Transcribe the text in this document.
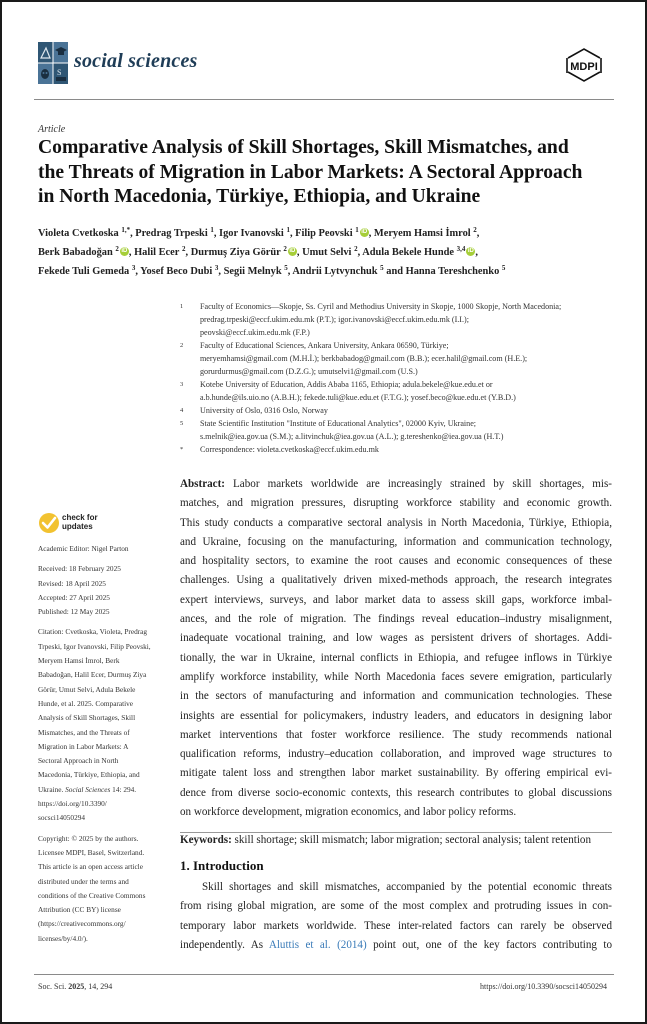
S
social sciences	MDPI
Article
Comparative Analysis of Skill Shortages, Skill Mismatches, and
the Threats of Migration in Labor Markets: A Sectoral Approach
in North Macedonia, Türkiye, Ethiopia, and Ukraine
Violeta Cvetkoska $^{1,*}$, Predrag Trpeski $^1$, Igor Ivanovski $^1$, Filip Peovski $^1$ iD , Meryem Hamsi İmrol $^2$,
Berk Babadoğan $^2$ iD , Halil Ecer $^2$, Durmuş Ziya Görür $^2$ iD , Umut Selvi $^2$, Adula Bekele Hunde $^{3,4}$ iD ,
Fekede Tuli Gemeda $^3$, Yosef Beco Dubi $^3$, Segii Melnyk $^5$, Andrii Lytvynchuk $^5$ and Hanna Tereshchenko $^5$
1 Faculty of Economics—Skopje, Ss. Cyril and Methodius University in Skopje, 1000 Skopje, North Macedonia;
predrag.trpeski@eccf.ukim.edu.mk (P.T.); igor.ivanovski@eccf.ukim.edu.mk (I.I.);
peovski@eccf.ukim.edu.mk (F.P.)
2 Faculty of Educational Sciences, Ankara University, Ankara 06590, Türkiye;
meryemhamsi@gmail.com (M.H.İ.); berkbabadog@gmail.com (B.B.); ecer.halil@gmail.com (H.E.);
gorurdurmus@gmail.com (D.Z.G.); umutselvi1@gmail.com (U.S.)
3 Kotebe University of Education, Addis Ababa 1165, Ethiopia; adula.bekele@kue.edu.et or
a.b.hunde@ils.uio.no (A.B.H.); fekede.tuli@kue.edu.et (F.T.G.); yosef.beco@kue.edu.et (Y.B.D.)
4 University of Oslo, 0316 Oslo, Norway
5 State Scientific Institution "Institute of Educational Analytics", 02000 Kyiv, Ukraine;
s.melnik@iea.gov.ua (S.M.); a.litvinchuk@iea.gov.ua (A.L.); g.tereshenko@iea.gov.ua (H.T.)
* Correspondence: violeta.cvetkoska@eccf.ukim.edu.mk
check for
updates
Academic Editor: Nigel Parton
Received: 18 February 2025
Revised: 18 April 2025
Accepted: 27 April 2025
Published: 12 May 2025
Citation: Cvetkoska, Violeta, Predrag
Trpeski, Igor Ivanovski, Filip Peovski,
Meryem Hamsi İmrol, Berk
Babadoğan, Halil Ecer, Durmuş Ziya
Görür, Umut Selvi, Adula Bekele
Hunde, et al. 2025. Comparative
Analysis of Skill Shortages, Skill
Mismatches, and the Threats of
Migration in Labor Markets: A
Sectoral Approach in North
Macedonia, Türkiye, Ethiopia, and
Ukraine. Social Sciences 14: 294.
https://doi.org/10.3390/
socsci14050294
Copyright: © 2025 by the authors.
Licensee MDPI, Basel, Switzerland.
This article is an open access article
distributed under the terms and
conditions of the Creative Commons
Attribution (CC BY) license
(https://creativecommons.org/
licenses/by/4.0/).
Abstract: Labor markets worldwide are increasingly strained by skill shortages, mis-
matches, and migration pressures, disrupting workforce stability and economic growth.
This study conducts a comparative sectoral analysis in North Macedonia, Türkiye, Ethiopia,
and Ukraine, focusing on the manufacturing, information and communication technology,
and hospitality sectors, to examine the root causes and economic consequences of these
challenges. Using a qualitatively driven mixed-methods approach, the research integrates
expert interviews, surveys, and labor market data to assess skill gaps, workforce imbal-
ances, and the role of migration. The findings reveal education–industry misalignment,
inadequate vocational training, and low wages as persistent drivers of shortages. Addi-
tionally, the war in Ukraine, internal conflicts in Ethiopia, and refugee inflows in Türkiye
amplify workforce instability, while North Macedonia faces severe emigration, particularly
in the sectors of manufacturing and information and communication technologies. These
insights are essential for policymakers, industry leaders, and educators in designing labor
market interventions that foster workforce resilience. The study recommends national
qualification reforms, industry–education collaboration, and improved wage structures to
mitigate talent loss and strengthen labor market sustainability. By offering empirical evi-
dence from diverse socio-economic contexts, this research contributes to global discussions
on workforce development, migration economics, and labor policy reforms.
Keywords: skill shortage; skill mismatch; labor migration; sectoral analysis; talent retention
1. Introduction
Skill shortages and skill mismatches, accompanied by the potential economic threats
from rising global migration, are some of the most complex and protruding issues in con-
temporary labor markets worldwide. These inter-related factors can rarely be observed
independently. As Aluttis et al. (2014) point out, one of the key factors contributing to
Soc. Sci. 2025, 14, 294	https://doi.org/10.3390/socsci14050294
